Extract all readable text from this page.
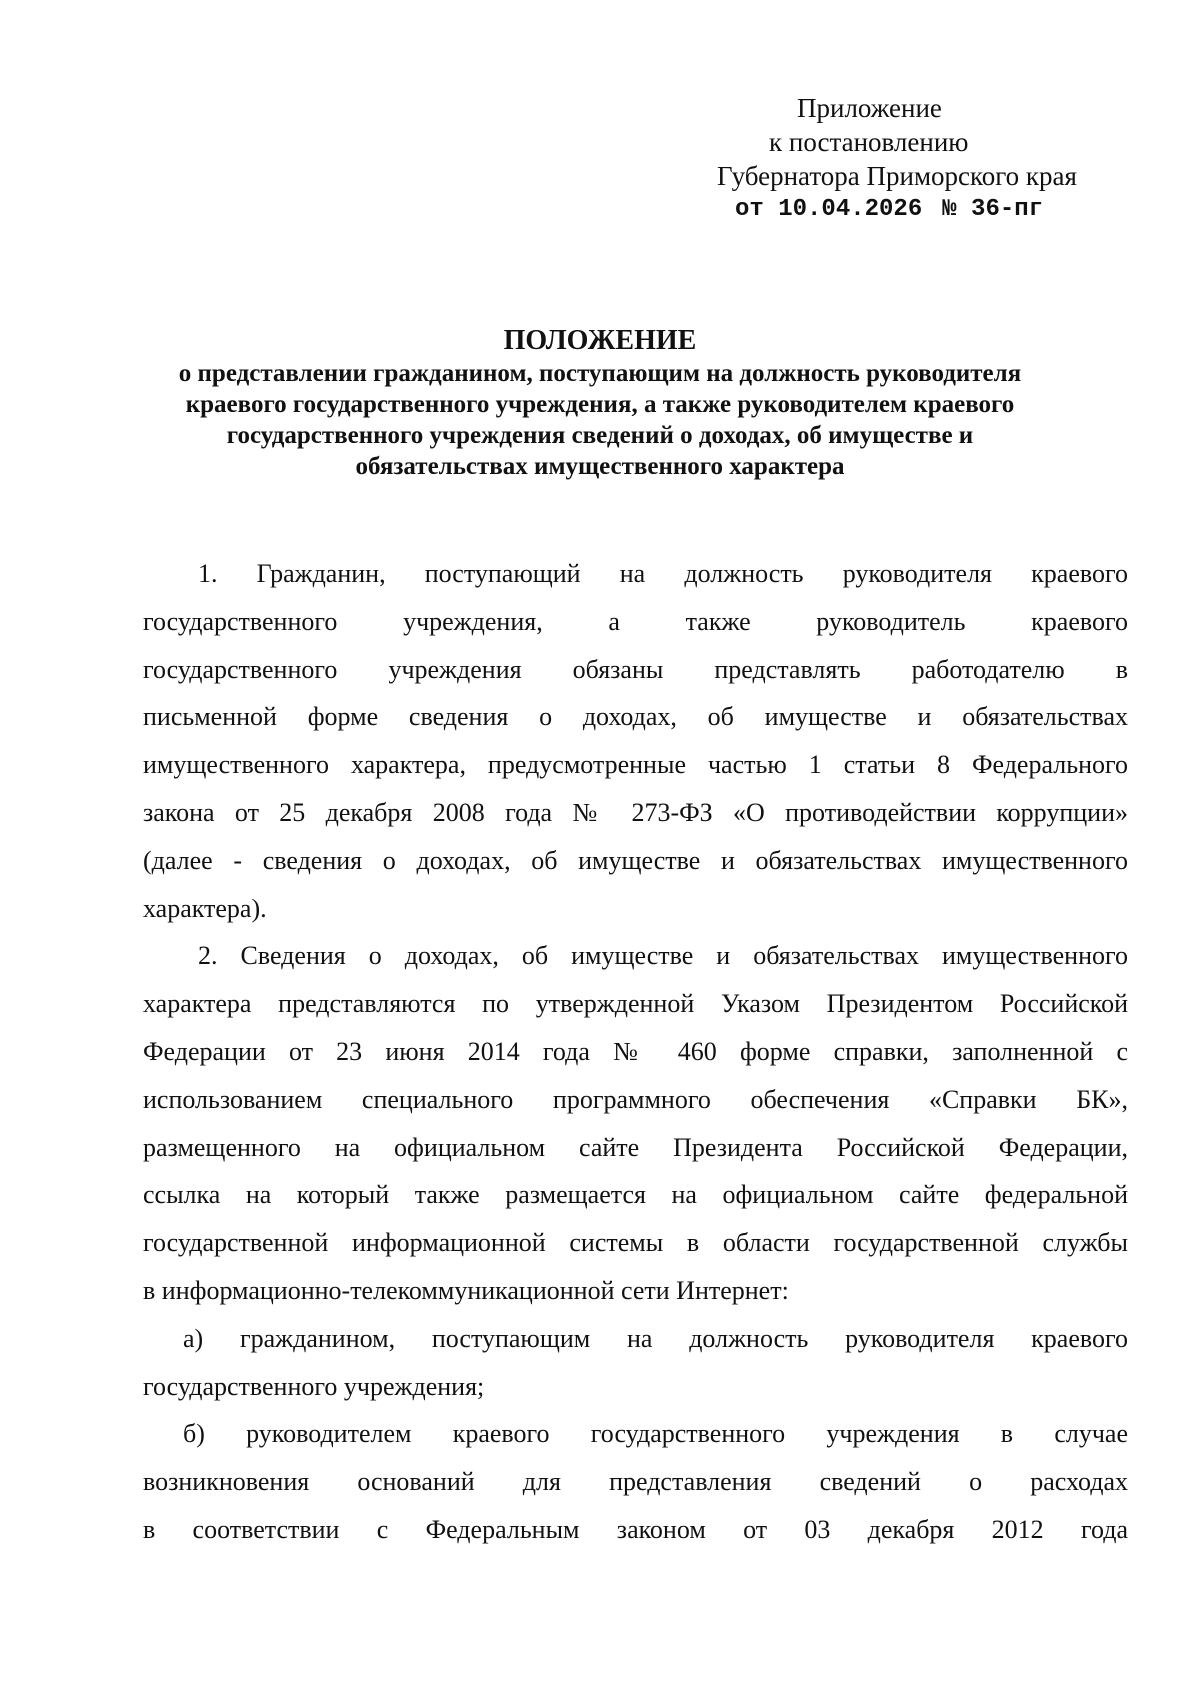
Приложение
к постановлению
Губернатора Приморского края
от 10.04.2026 № 36-пг
ПОЛОЖЕНИЕ
о представлении гражданином, поступающим на должность руководителя
краевого государственного учреждения, а также руководителем краевого
государственного учреждения сведений о доходах, об имуществе и
обязательствах имущественного характера
1. Гражданин, поступающий на должность руководителя краевого
государственного учреждения, а также руководитель краевого
государственного учреждения обязаны представлять работодателю в
письменной форме сведения о доходах, об имуществе и обязательствах
имущественного характера, предусмотренные частью 1 статьи 8 Федерального
закона от 25 декабря 2008 года № 273-ФЗ «О противодействии коррупции»
(далее - сведения о доходах, об имуществе и обязательствах имущественного
характера).
2. Сведения о доходах, об имуществе и обязательствах имущественного
характера представляются по утвержденной Указом Президентом Российской
Федерации от 23 июня 2014 года № 460 форме справки, заполненной с
использованием специального программного обеспечения «Справки БК»,
размещенного на официальном сайте Президента Российской Федерации,
ссылка на который также размещается на официальном сайте федеральной
государственной информационной системы в области государственной службы
в информационно-телекоммуникационной сети Интернет:
а) гражданином, поступающим на должность руководителя краевого
государственного учреждения;
б) руководителем краевого государственного учреждения в случае
возникновения оснований для представления сведений о расходах
в соответствии с Федеральным законом от 03 декабря 2012 года
